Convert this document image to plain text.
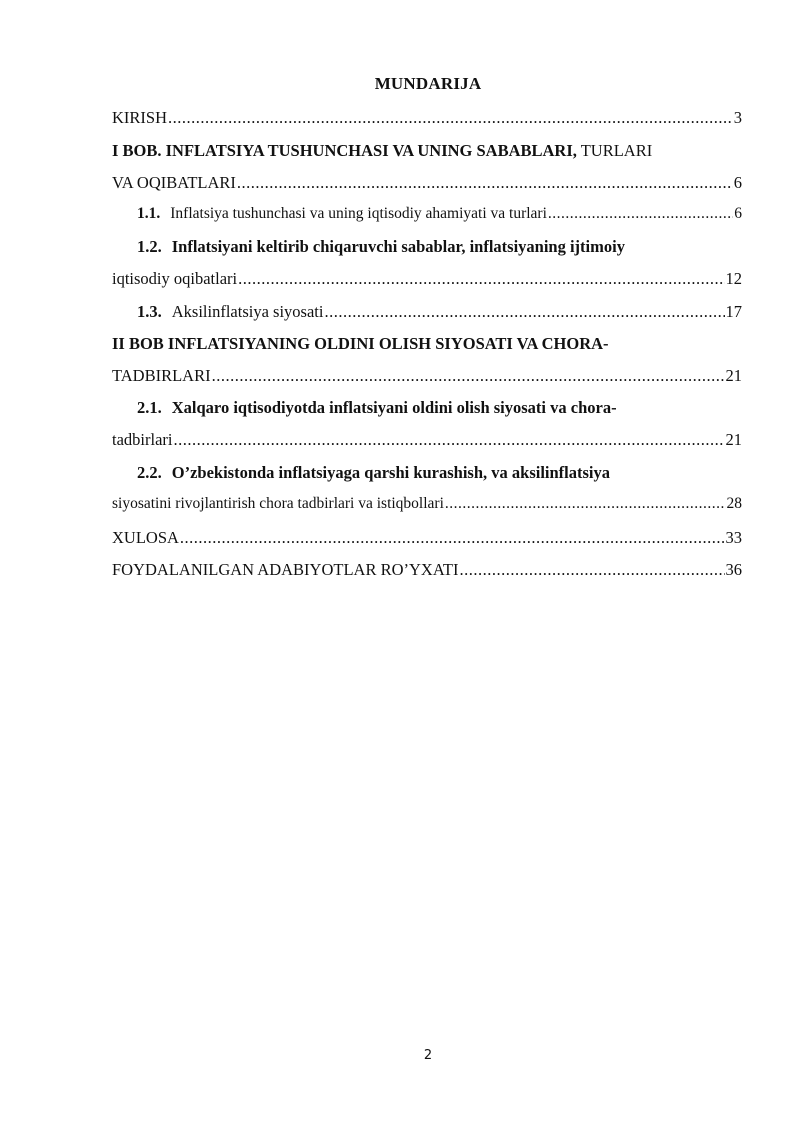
MUNDARIJA
KIRISH .....	3
I BOB. INFLATSIYA TUSHUNCHASI VA UNING SABABLARI, TURLARI
VA OQIBATLARI .....	6
1.1. Inflatsiya tushunchasi va uning iqtisodiy ahamiyati va turlari .....	6
1.2. Inflatsiyani keltirib chiqaruvchi sabablar, inflatsiyaning ijtimoiy
iqtisodiy oqibatlari .....	12
1.3. Aksilinflatsiya siyosati .....	17
II BOB INFLATSIYANING OLDINI OLISH SIYOSATI VA CHORA-
TADBIRLARI .....	21
2.1. Xalqaro iqtisodiyotda inflatsiyani oldini olish siyosati va chora-
tadbirlari .....	21
2.2. O’zbekistonda inflatsiyaga qarshi kurashish, va aksilinflatsiya
siyosatini rivojlantirish chora tadbirlari va istiqbollari .....	28
XULOSA .....	33
FOYDALANILGAN ADABIYOTLAR RO’YXATI .....	36
2
